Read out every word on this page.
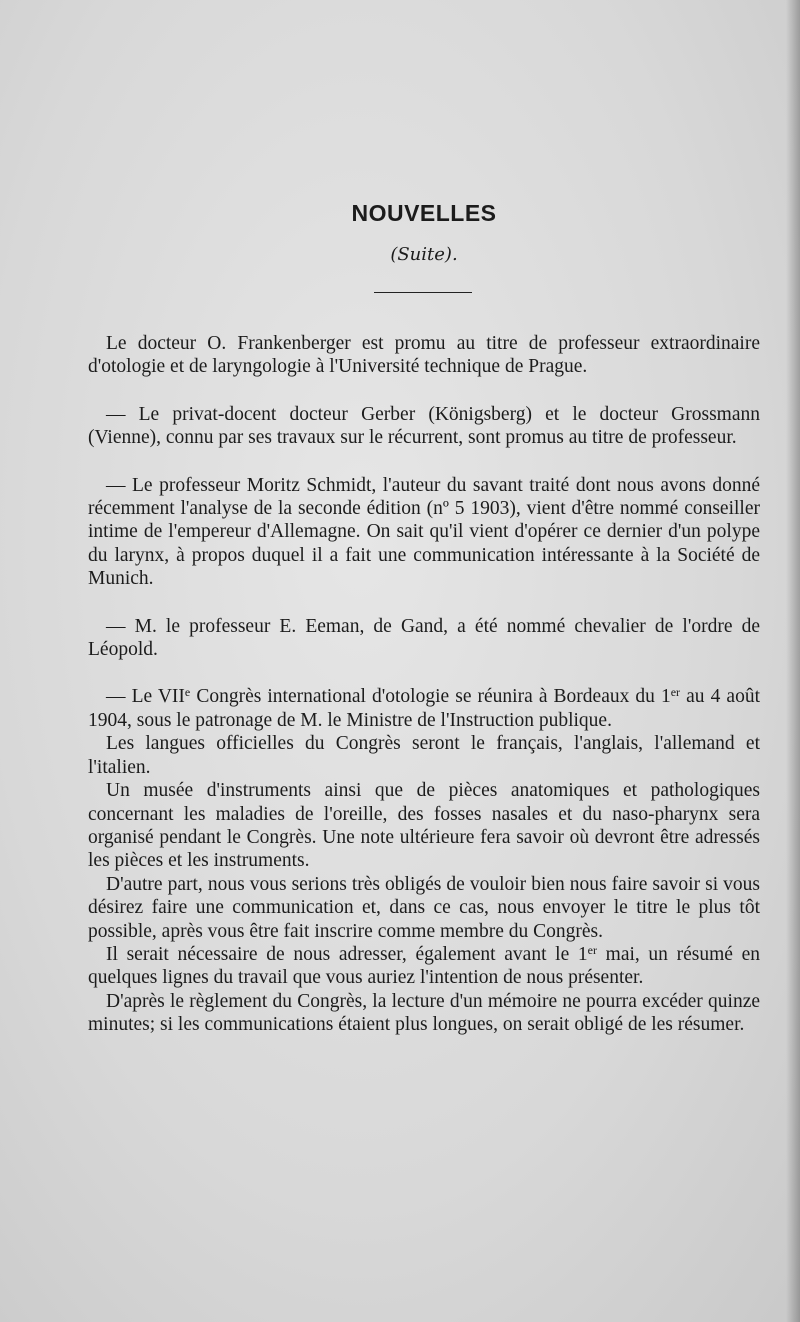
NOUVELLES
(Suite).

Le docteur O. Frankenberger est promu au titre de professeur extraordinaire d'otologie et de laryngologie à l'Université technique de Prague.

— Le privat-docent docteur Gerber (Königsberg) et le docteur Grossmann (Vienne), connu par ses travaux sur le récurrent, sont promus au titre de professeur.

— Le professeur Moritz Schmidt, l'auteur du savant traité dont nous avons donné récemment l'analyse de la seconde édition (nº 5 1903), vient d'être nommé conseiller intime de l'empereur d'Allemagne. On sait qu'il vient d'opérer ce dernier d'un polype du larynx, à propos duquel il a fait une communication intéressante à la Société de Munich.

— M. le professeur E. Eeman, de Gand, a été nommé chevalier de l'ordre de Léopold.

— Le VIIe Congrès international d'otologie se réunira à Bordeaux du 1er au 4 août 1904, sous le patronage de M. le Ministre de l'Instruction publique.

Les langues officielles du Congrès seront le français, l'anglais, l'allemand et l'italien.

Un musée d'instruments ainsi que de pièces anatomiques et pathologiques concernant les maladies de l'oreille, des fosses nasales et du naso-pharynx sera organisé pendant le Congrès. Une note ultérieure fera savoir où devront être adressés les pièces et les instruments.

D'autre part, nous vous serions très obligés de vouloir bien nous faire savoir si vous désirez faire une communication et, dans ce cas, nous envoyer le titre le plus tôt possible, après vous être fait inscrire comme membre du Congrès.

Il serait nécessaire de nous adresser, également avant le 1er mai, un résumé en quelques lignes du travail que vous auriez l'intention de nous présenter.

D'après le règlement du Congrès, la lecture d'un mémoire ne pourra excéder quinze minutes; si les communications étaient plus longues, on serait obligé de les résumer.
